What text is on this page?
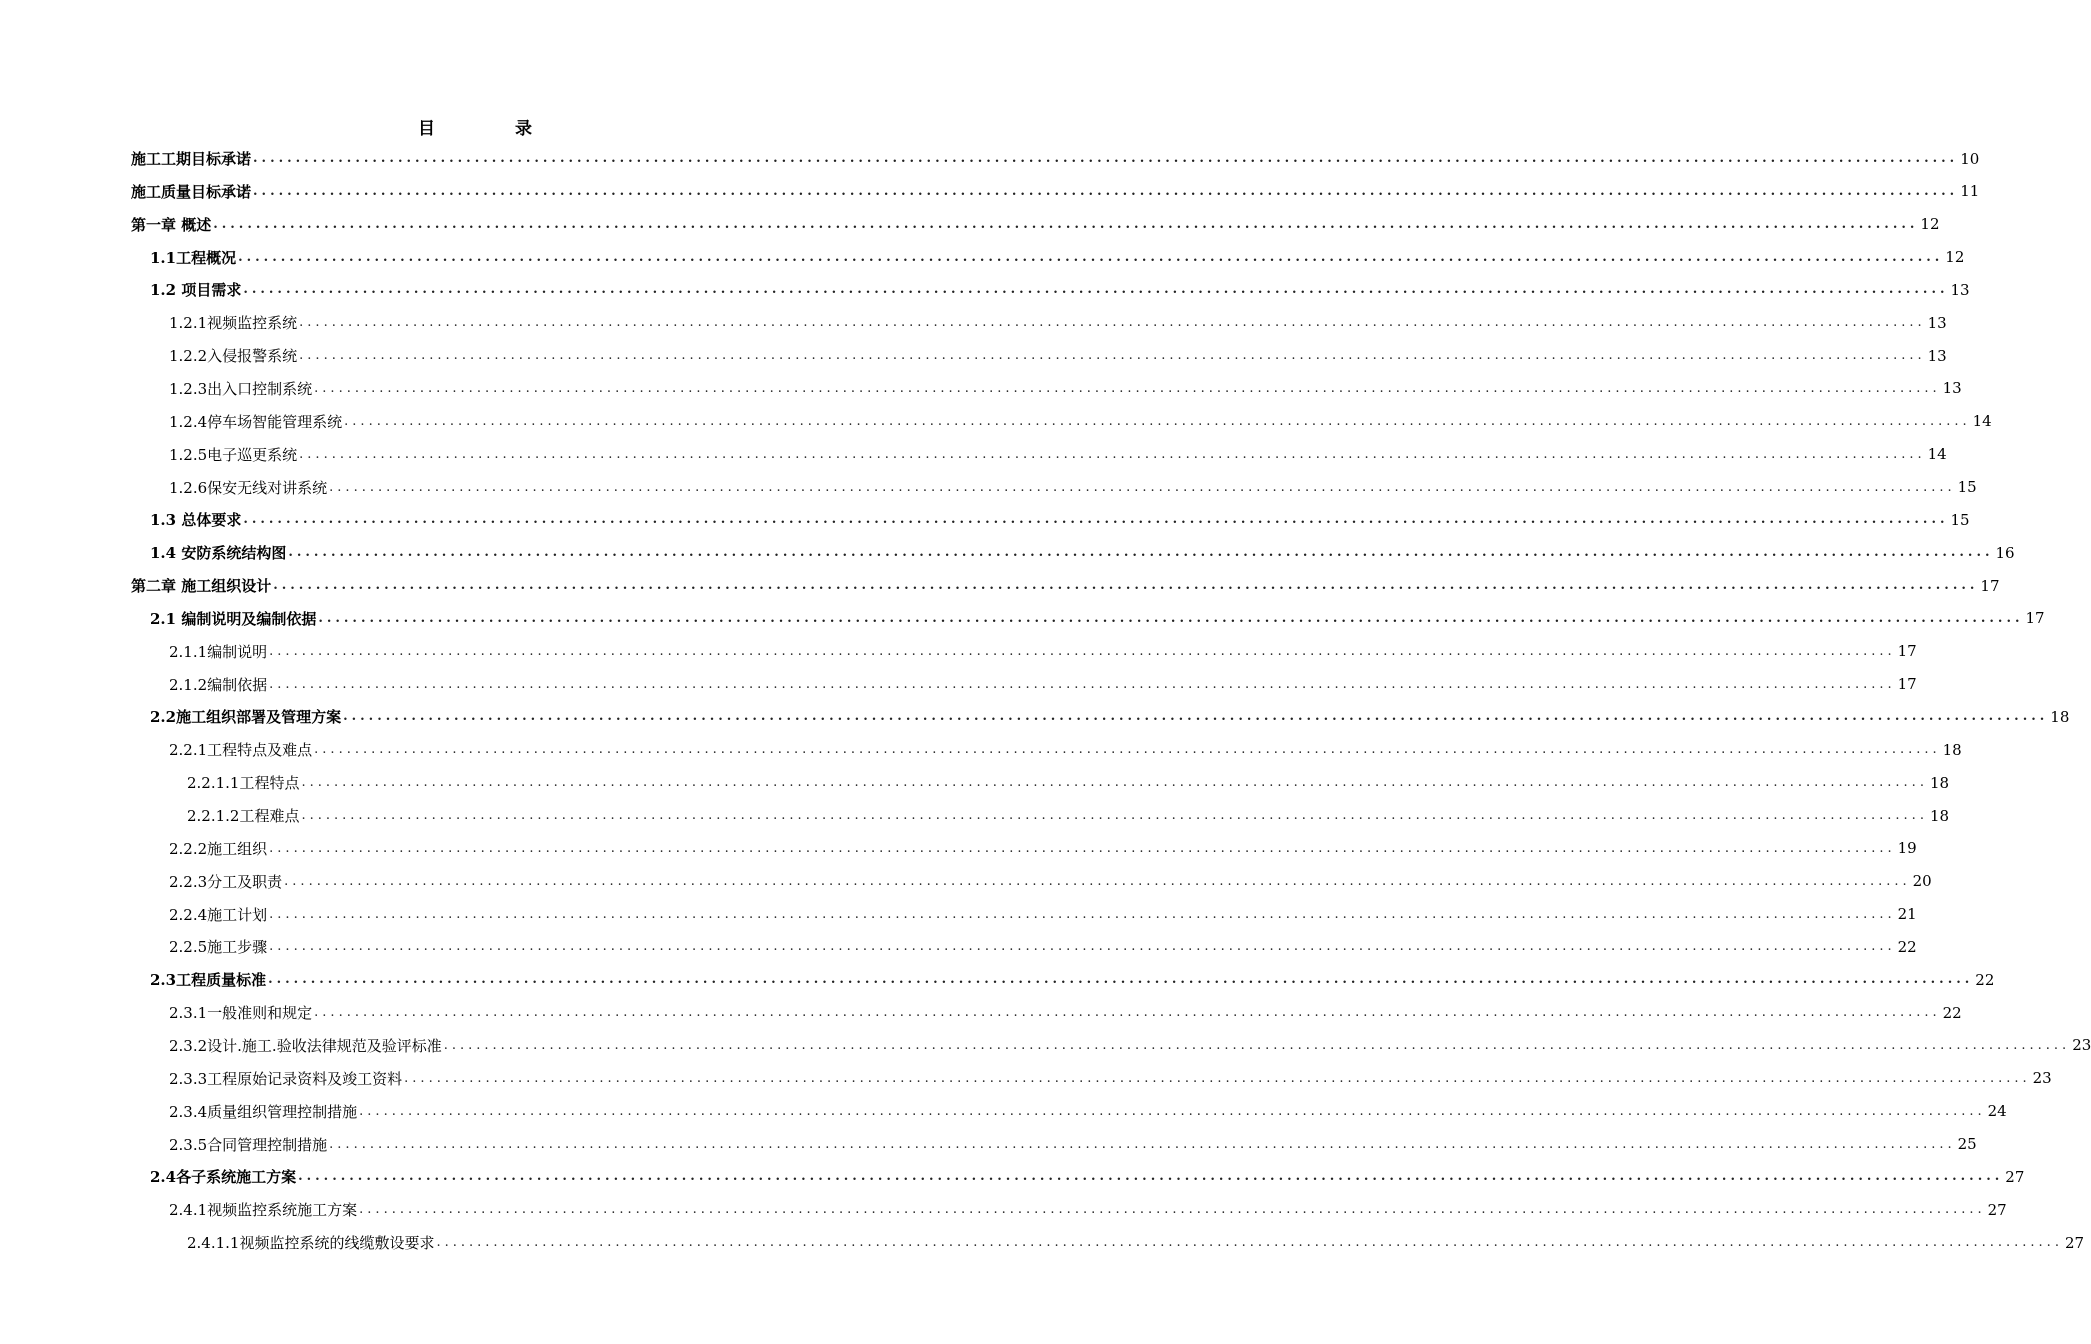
目	录
施工工期目标承诺 ........................................................................................................................................................................................................ 10
施工质量目标承诺 ........................................................................................................................................................................................................ 11
第一章 概述 ........................................................................................................................................................................................................ 12
1.1工程概况 ........................................................................................................................................................................................................ 12
1.2 项目需求 ........................................................................................................................................................................................................ 13
1.2.1视频监控系统 ........................................................................................................................................................................................................ 13
1.2.2入侵报警系统 ........................................................................................................................................................................................................ 13
1.2.3出入口控制系统 ........................................................................................................................................................................................................ 13
1.2.4停车场智能管理系统 ........................................................................................................................................................................................................ 14
1.2.5电子巡更系统 ........................................................................................................................................................................................................ 14
1.2.6保安无线对讲系统 ........................................................................................................................................................................................................ 15
1.3 总体要求 ........................................................................................................................................................................................................ 15
1.4 安防系统结构图 ........................................................................................................................................................................................................ 16
第二章 施工组织设计 ........................................................................................................................................................................................................ 17
2.1 编制说明及编制依据 ........................................................................................................................................................................................................ 17
2.1.1编制说明 ........................................................................................................................................................................................................ 17
2.1.2编制依据 ........................................................................................................................................................................................................ 17
2.2施工组织部署及管理方案 ........................................................................................................................................................................................................ 18
2.2.1工程特点及难点 ........................................................................................................................................................................................................ 18
2.2.1.1工程特点 ........................................................................................................................................................................................................ 18
2.2.1.2工程难点 ........................................................................................................................................................................................................ 18
2.2.2施工组织 ........................................................................................................................................................................................................ 19
2.2.3分工及职责 ........................................................................................................................................................................................................ 20
2.2.4施工计划 ........................................................................................................................................................................................................ 21
2.2.5施工步骤 ........................................................................................................................................................................................................ 22
2.3工程质量标准 ........................................................................................................................................................................................................ 22
2.3.1一般准则和规定 ........................................................................................................................................................................................................ 22
2.3.2设计.施工.验收法律规范及验评标准 ........................................................................................................................................................................................................ 23
2.3.3工程原始记录资料及竣工资料 ........................................................................................................................................................................................................ 23
2.3.4质量组织管理控制措施 ........................................................................................................................................................................................................ 24
2.3.5合同管理控制措施 ........................................................................................................................................................................................................ 25
2.4各子系统施工方案 ........................................................................................................................................................................................................ 27
2.4.1视频监控系统施工方案 ........................................................................................................................................................................................................ 27
2.4.1.1视频监控系统的线缆敷设要求 ........................................................................................................................................................................................................ 27
